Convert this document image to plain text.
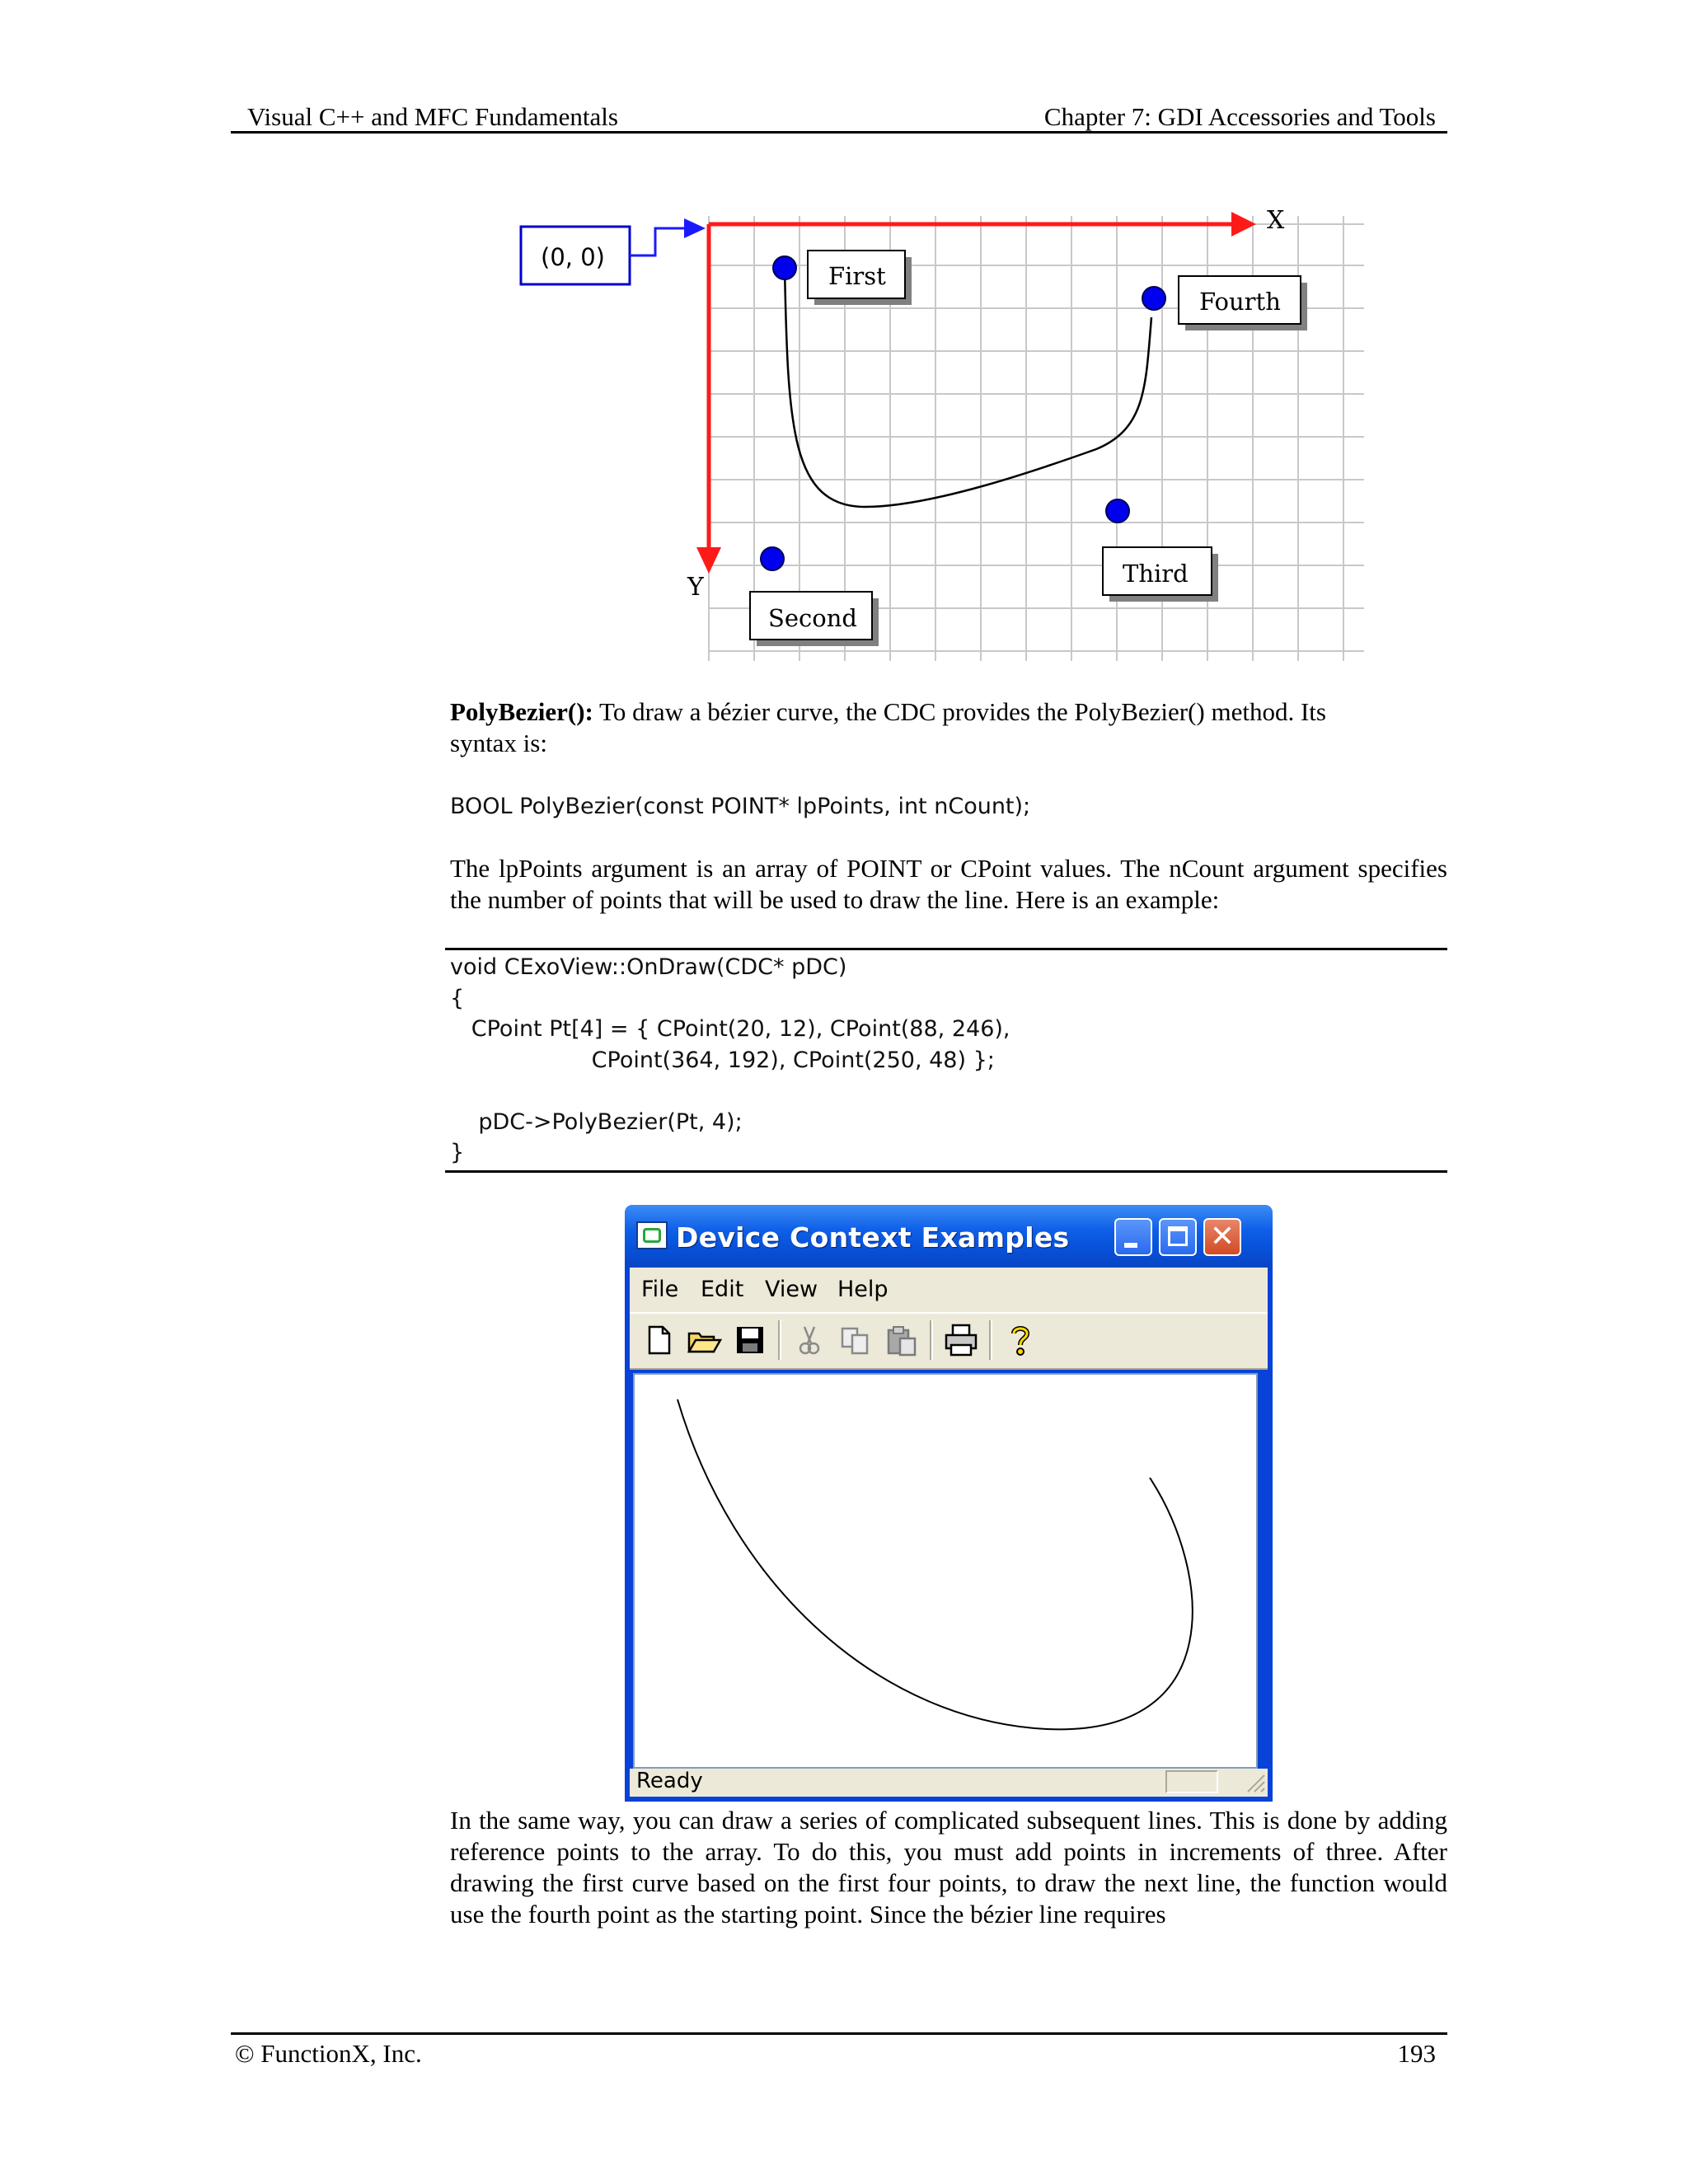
Visual C++ and MFC Fundamentals	Chapter 7: GDI Accessories and Tools
(0, 0)
X
Y
First
Fourth
Third
Second
PolyBezier(): To draw a bézier curve, the CDC provides the PolyBezier() method. Its
syntax is:
BOOL PolyBezier(const POINT* lpPoints, int nCount);
The lpPoints argument is an array of POINT or CPoint values. The nCount argument specifies the number of points that will be used to draw the line. Here is an example:
void CExoView::OnDraw(CDC* pDC)
{
CPoint Pt[4] = { CPoint(20, 12), CPoint(88, 246),
CPoint(364, 192), CPoint(250, 48) };
pDC->PolyBezier(Pt, 4);
}
Device Context Examples	✕
File Edit View Help
Ready
In the same way, you can draw a series of complicated subsequent lines. This is done by adding reference points to the array. To do this, you must add points in increments of three. After drawing the first curve based on the first four points, to draw the next line, the function would use the fourth point as the starting point. Since the bézier line requires
© FunctionX, Inc.	193
